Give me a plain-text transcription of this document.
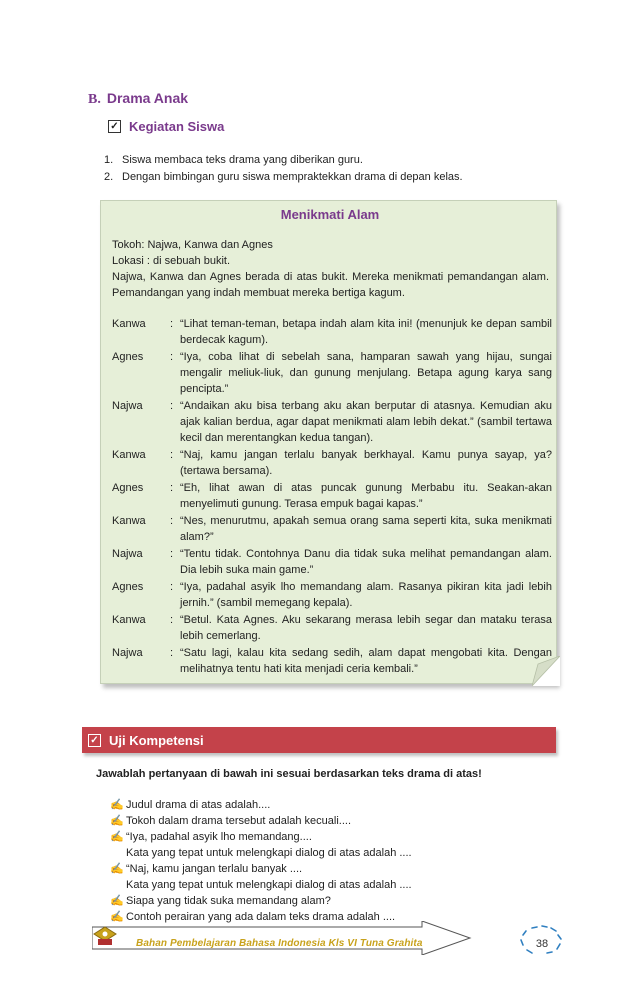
B. Drama Anak
✓ Kegiatan Siswa
1. Siswa membaca teks drama yang diberikan guru.
2. Dengan bimbingan guru siswa mempraktekkan drama di depan kelas.
Menikmati Alam

Tokoh: Najwa, Kanwa dan Agnes

Lokasi : di sebuah bukit.

Najwa, Kanwa dan Agnes berada di atas bukit. Mereka menikmati pemandangan alam. Pemandangan yang indah membuat mereka bertiga kagum.

Kanwa	: “Lihat teman-teman, betapa indah alam kita ini! (menunjuk ke depan sambil berdecak kagum).
Agnes	: “Iya, coba lihat di sebelah sana, hamparan sawah yang hijau, sungai mengalir meliuk-liuk, dan gunung menjulang. Betapa agung karya sang pencipta.”
Najwa	: “Andaikan aku bisa terbang aku akan berputar di atasnya. Kemudian aku ajak kalian berdua, agar dapat menikmati alam lebih dekat.” (sambil tertawa kecil dan merentangkan kedua tangan).
Kanwa	: “Naj, kamu jangan terlalu banyak berkhayal. Kamu punya sayap, ya? (tertawa bersama).
Agnes	: “Eh, lihat awan di atas puncak gunung Merbabu itu. Seakan-akan menyelimuti gunung. Terasa empuk bagai kapas.”
Kanwa	: “Nes, menurutmu, apakah semua orang sama seperti kita, suka menikmati alam?”
Najwa	: “Tentu tidak. Contohnya Danu dia tidak suka melihat pemandangan alam. Dia lebih suka main game.”
Agnes	: “Iya, padahal asyik lho memandang alam. Rasanya pikiran kita jadi lebih jernih.” (sambil memegang kepala).
Kanwa	: “Betul. Kata Agnes. Aku sekarang merasa lebih segar dan mataku terasa lebih cemerlang.
Najwa	: “Satu lagi, kalau kita sedang sedih, alam dapat mengobati kita. Dengan melihatnya tentu hati kita menjadi ceria kembali.”
✓ Uji Kompetensi
Jawablah pertanyaan di bawah ini sesuai berdasarkan teks drama di atas!
✍ Judul drama di atas adalah....
✍ Tokoh dalam drama tersebut adalah kecuali....
✍ “Iya, padahal asyik lho memandang....
Kata yang tepat untuk melengkapi dialog di atas adalah ....
✍ “Naj, kamu jangan terlalu banyak ....
Kata yang tepat untuk melengkapi dialog di atas adalah ....
✍ Siapa yang tidak suka memandang alam?
✍ Contoh perairan yang ada dalam teks drama adalah ....
Bahan Pembelajaran Bahasa Indonesia Kls VI Tuna Grahita	38
